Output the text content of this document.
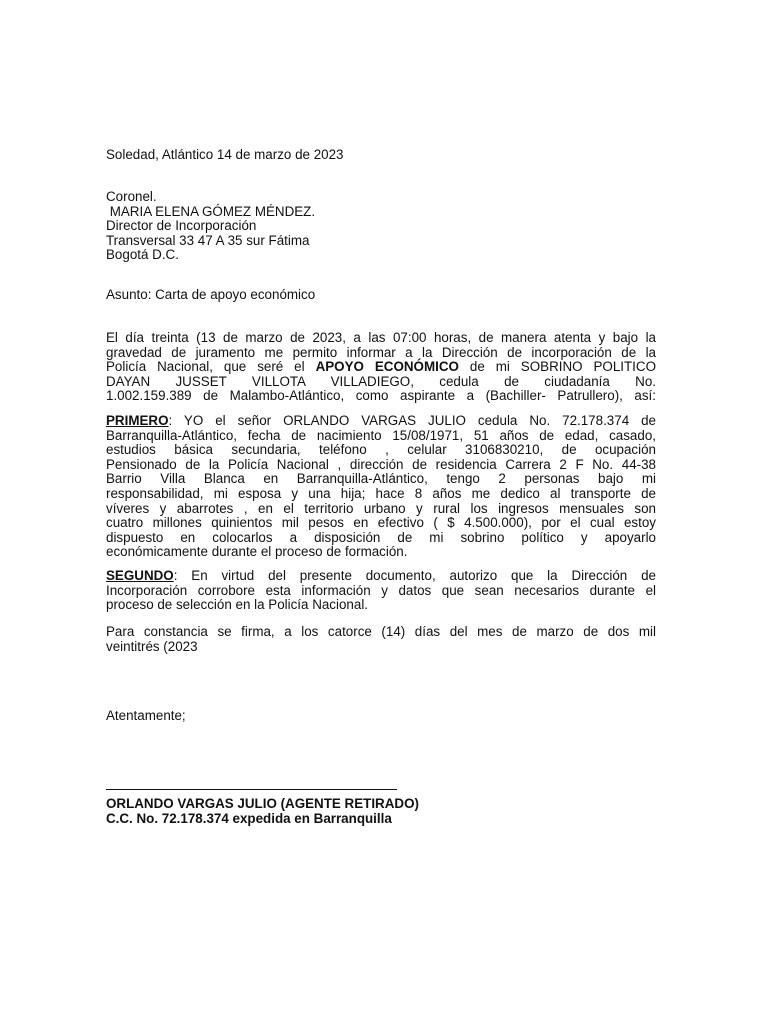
Soledad, Atlántico 14 de marzo de 2023
Coronel.
MARIA ELENA GÓMEZ MÉNDEZ.
Director de Incorporación
Transversal 33 47 A 35 sur Fátima
Bogotá D.C.
Asunto: Carta de apoyo económico
El día treinta (13 de marzo de 2023, a las 07:00 horas, de manera atenta y bajo la
gravedad de juramento me permito informar a la Dirección de incorporación de la
Policía Nacional, que seré el APOYO ECONÓMICO de mi SOBRINO POLITICO
DAYAN JUSSET VILLOTA VILLADIEGO, cedula de ciudadanía No.
1.002.159.389 de Malambo-Atlántico, como aspirante a (Bachiller- Patrullero), así:
PRIMERO: YO el señor ORLANDO VARGAS JULIO cedula No. 72.178.374 de
Barranquilla-Atlántico, fecha de nacimiento 15/08/1971, 51 años de edad, casado,
estudios básica secundaria, teléfono , celular 3106830210, de ocupación
Pensionado de la Policía Nacional , dirección de residencia Carrera 2 F No. 44-38
Barrio Villa Blanca en Barranquilla-Atlántico, tengo 2 personas bajo mi
responsabilidad, mi esposa y una hija; hace 8 años me dedico al transporte de
víveres y abarrotes , en el territorio urbano y rural los ingresos mensuales son
cuatro millones quinientos mil pesos en efectivo ( $ 4.500.000), por el cual estoy
dispuesto en colocarlos a disposición de mi sobrino político y apoyarlo
económicamente durante el proceso de formación.
SEGUNDO: En virtud del presente documento, autorizo que la Dirección de
Incorporación corrobore esta información y datos que sean necesarios durante el
proceso de selección en la Policía Nacional.
Para constancia se firma, a los catorce (14) días del mes de marzo de dos mil
veintitrés (2023
Atentamente;
ORLANDO VARGAS JULIO (AGENTE RETIRADO)
C.C. No. 72.178.374 expedida en Barranquilla
